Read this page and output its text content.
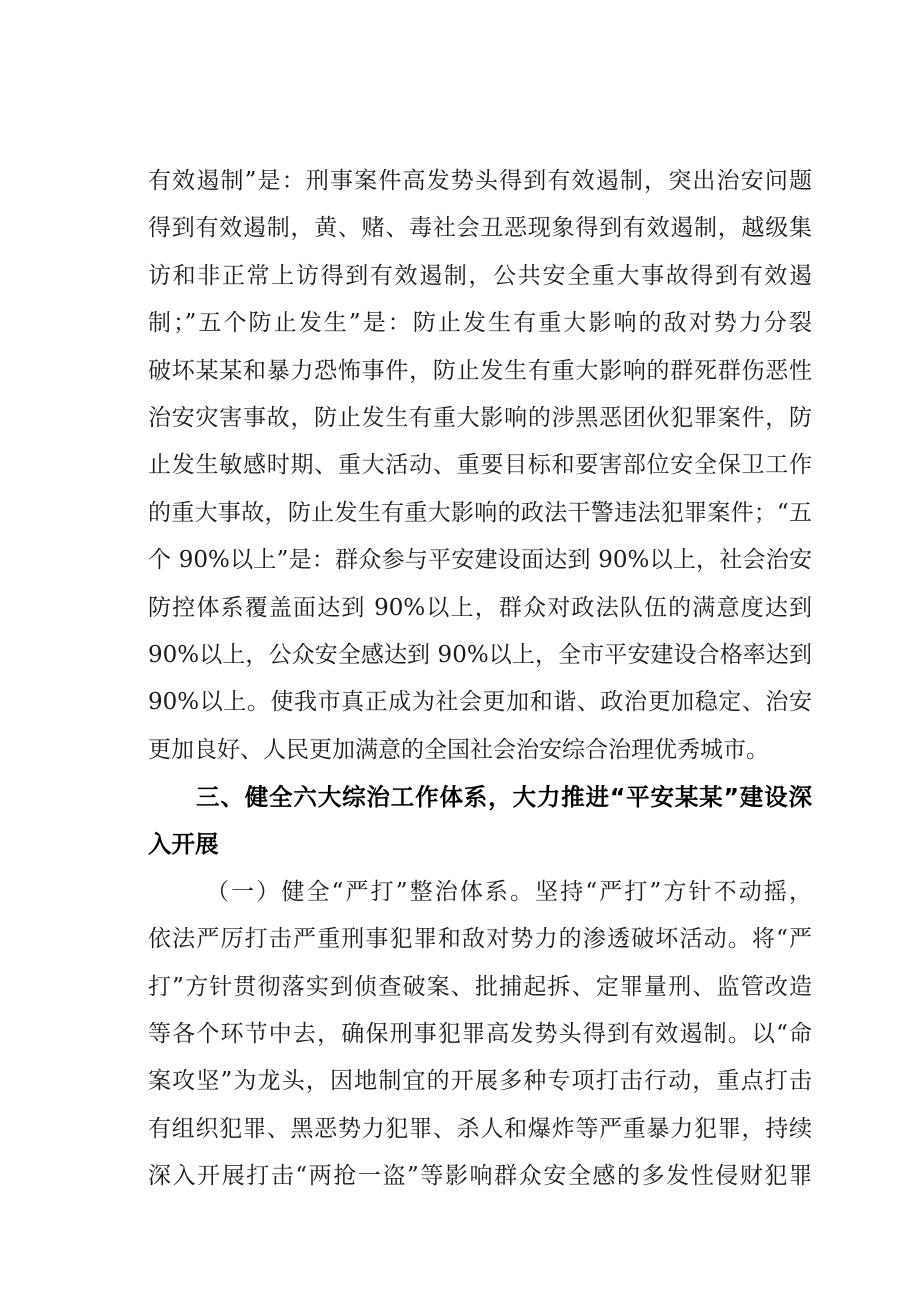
有效遏制”是：刑事案件高发势头得到有效遏制，突出治安问题
得到有效遏制，黄、赌、毒社会丑恶现象得到有效遏制，越级集
访和非正常上访得到有效遏制，公共安全重大事故得到有效遏
制；”五个防止发生”是：防止发生有重大影响的敌对势力分裂
破坏某某和暴力恐怖事件，防止发生有重大影响的群死群伤恶性
治安灾害事故，防止发生有重大影响的涉黑恶团伙犯罪案件，防
止发生敏感时期、重大活动、重要目标和要害部位安全保卫工作
的重大事故，防止发生有重大影响的政法干警违法犯罪案件；“五
个 90%以上”是：群众参与平安建设面达到 90%以上，社会治安
防控体系覆盖面达到 90%以上，群众对政法队伍的满意度达到
90%以上，公众安全感达到 90%以上，全市平安建设合格率达到
90%以上。使我市真正成为社会更加和谐、政治更加稳定、治安
更加良好、人民更加满意的全国社会治安综合治理优秀城市。
三、健全六大综治工作体系，大力推进“平安某某”建设深
入开展
（一）健全“严打”整治体系。坚持“严打”方针不动摇，
依法严厉打击严重刑事犯罪和敌对势力的渗透破坏活动。将“严
打”方针贯彻落实到侦查破案、批捕起拆、定罪量刑、监管改造
等各个环节中去，确保刑事犯罪高发势头得到有效遏制。以“命
案攻坚”为龙头，因地制宜的开展多种专项打击行动，重点打击
有组织犯罪、黑恶势力犯罪、杀人和爆炸等严重暴力犯罪，持续
深入开展打击“两抢一盗”等影响群众安全感的多发性侵财犯罪
